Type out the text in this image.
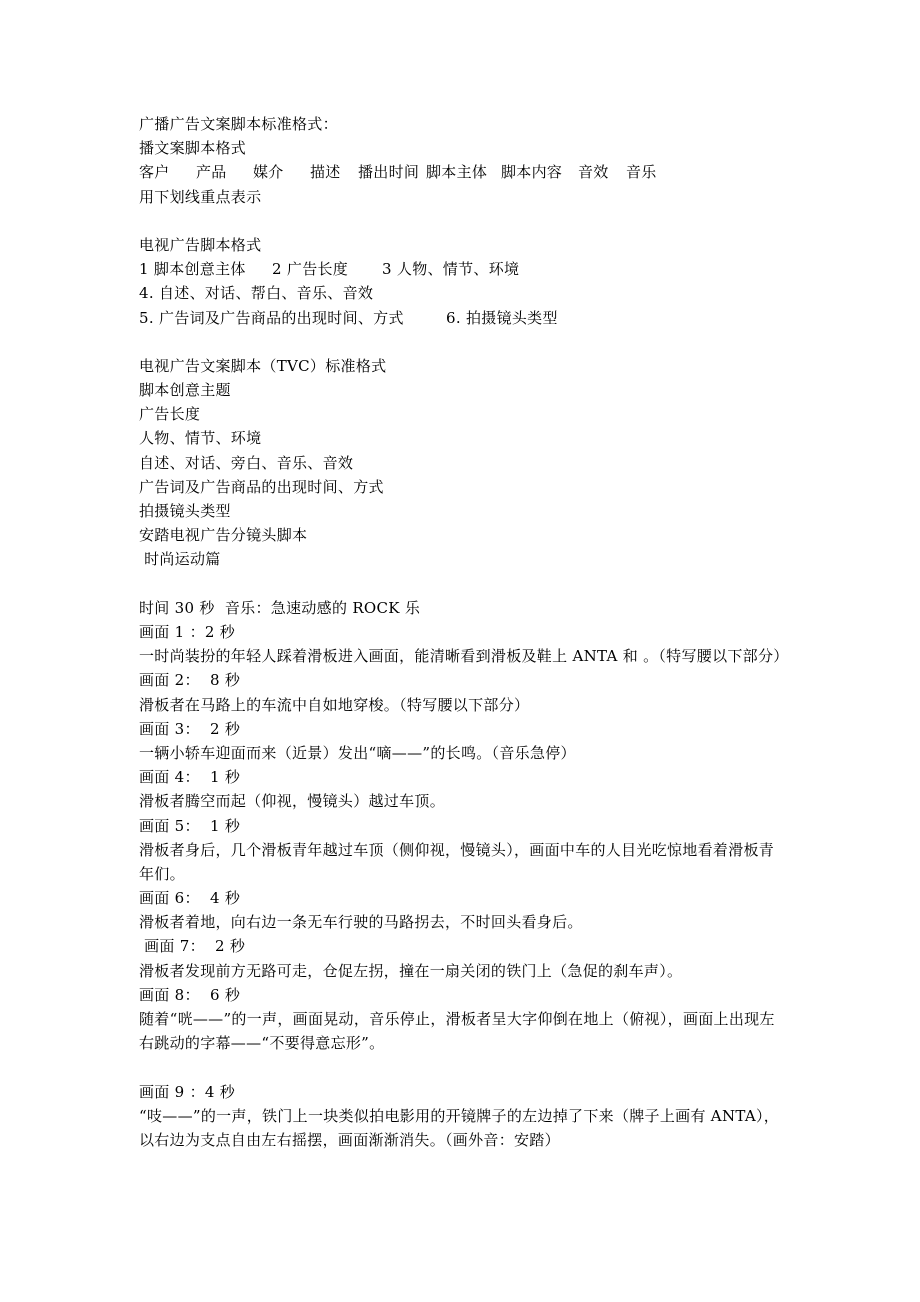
广播广告文案脚本标准格式：
播文案脚本格式
客户	产品	媒介	描述	播出时间 脚本主体 脚本内容	音效	音乐
用下划线重点表示
电视广告脚本格式
1 脚本创意主体	2 广告长度	3 人物、情节、环境
4. 自述、对话、帮白、音乐、音效
5. 广告词及广告商品的出现时间、方式	6. 拍摄镜头类型
电视广告文案脚本（TVC）标准格式
脚本创意主题
广告长度
人物、情节、环境
自述、对话、旁白、音乐、音效
广告词及广告商品的出现时间、方式
拍摄镜头类型
安踏电视广告分镜头脚本
时尚运动篇
时间 30 秒  音乐：急速动感的 ROCK 乐
画面 1 ：2 秒
一时尚装扮的年轻人踩着滑板进入画面，能清晰看到滑板及鞋上 ANTA 和 。（特写腰以下部分）
画面 2：  8 秒
滑板者在马路上的车流中自如地穿梭。（特写腰以下部分）
画面 3：  2 秒
一辆小轿车迎面而来（近景）发出“嘀——”的长鸣。（音乐急停）
画面 4：  1 秒
滑板者腾空而起（仰视，慢镜头）越过车顶。
画面 5：  1 秒
滑板者身后，几个滑板青年越过车顶（侧仰视，慢镜头），画面中车的人目光吃惊地看着滑板青年们。
画面 6：  4 秒
滑板者着地，向右边一条无车行驶的马路拐去，不时回头看身后。
画面 7：  2 秒
滑板者发现前方无路可走，仓促左拐，撞在一扇关闭的铁门上（急促的刹车声）。
画面 8：  6 秒
随着“咣——”的一声，画面晃动，音乐停止，滑板者呈大字仰倒在地上（俯视），画面上出现左右跳动的字幕——“不要得意忘形”。
画面 9 ：4 秒
“吱——”的一声，铁门上一块类似拍电影用的开镜牌子的左边掉了下来（牌子上画有 ANTA），以右边为支点自由左右摇摆，画面渐渐消失。（画外音：安踏）
